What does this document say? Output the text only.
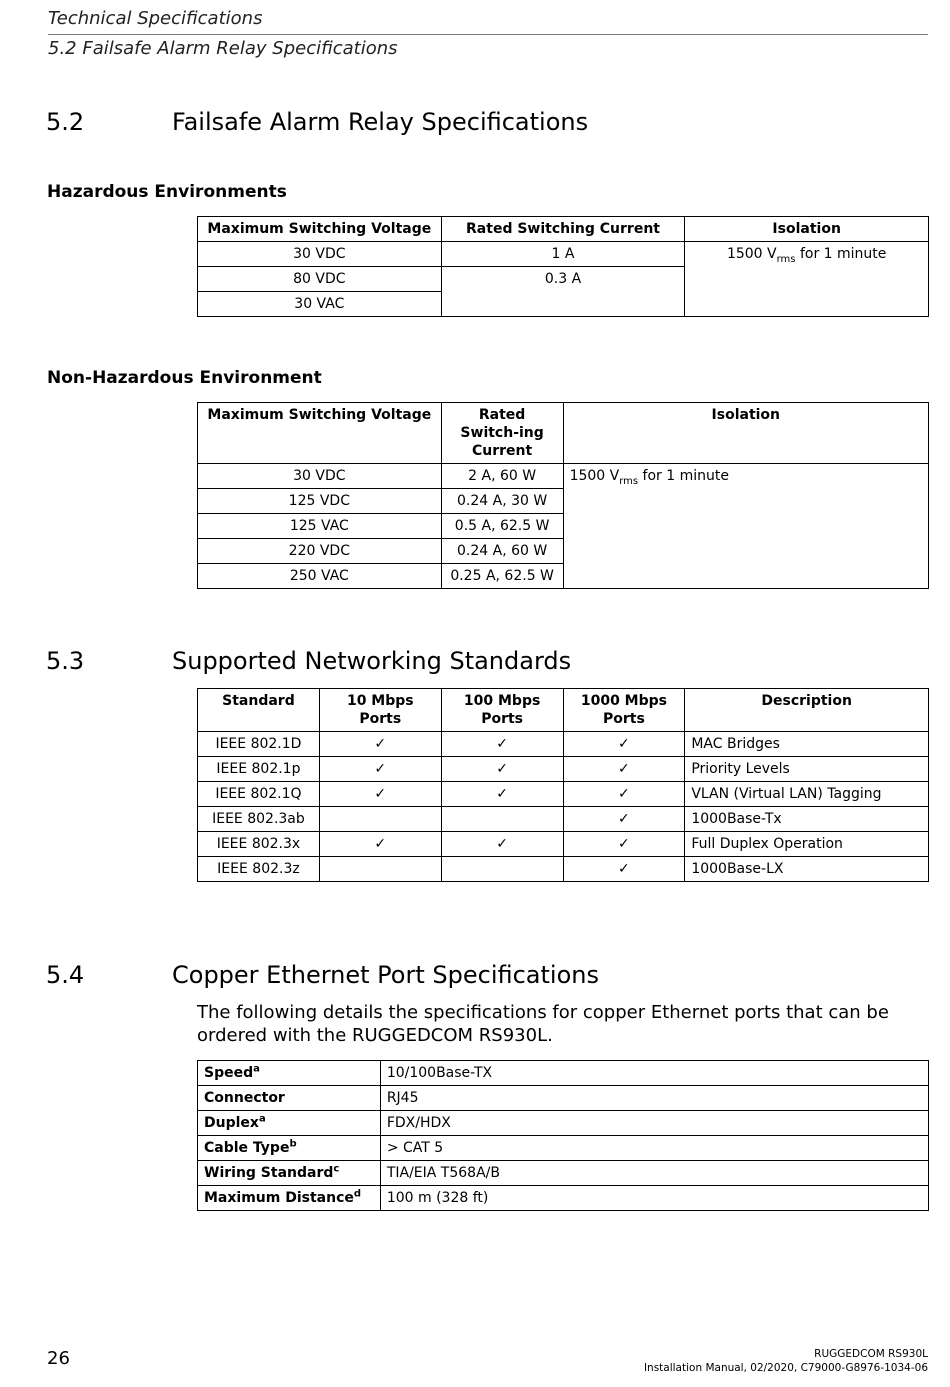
Technical Specifications
5.2 Failsafe Alarm Relay Specifications
5.2	Failsafe Alarm Relay Specifications
Hazardous Environments
Maximum Switching Voltage	Rated Switching Current	Isolation
30 VDC	1 A	1500 $V_{rms}$ for 1 minute
80 VDC	0.3 A	
30 VAC		
Non-Hazardous Environment
Maximum Switching Voltage	Rated Switch-ing Current	Isolation
30 VDC	2 A, 60 W	1500 $V_{rms}$ for 1 minute
125 VDC	0.24 A, 30 W	
125 VAC	0.5 A, 62.5 W	
220 VDC	0.24 A, 60 W	
250 VAC	0.25 A, 62.5 W	
5.3	Supported Networking Standards
Standard	10 Mbps Ports	100 Mbps Ports	1000 Mbps Ports	Description
IEEE 802.1D	✓	✓	✓	MAC Bridges
IEEE 802.1p	✓	✓	✓	Priority Levels
IEEE 802.1Q	✓	✓	✓	VLAN (Virtual LAN) Tagging
IEEE 802.3ab			✓	1000Base-Tx
IEEE 802.3x	✓	✓	✓	Full Duplex Operation
IEEE 802.3z			✓	1000Base-LX
5.4	Copper Ethernet Port Specifications
The following details the specifications for copper Ethernet ports that can be ordered with the RUGGEDCOM RS930L.
Speed$^a$	10/100Base-TX
Connector	RJ45
Duplex$^a$	FDX/HDX
Cable Type$^b$	> CAT 5
Wiring Standard$^c$	TIA/EIA T568A/B
Maximum Distance$^d$	100 m (328 ft)
26	RUGGEDCOM RS930L
Installation Manual, 02/2020, C79000-G8976-1034-06
